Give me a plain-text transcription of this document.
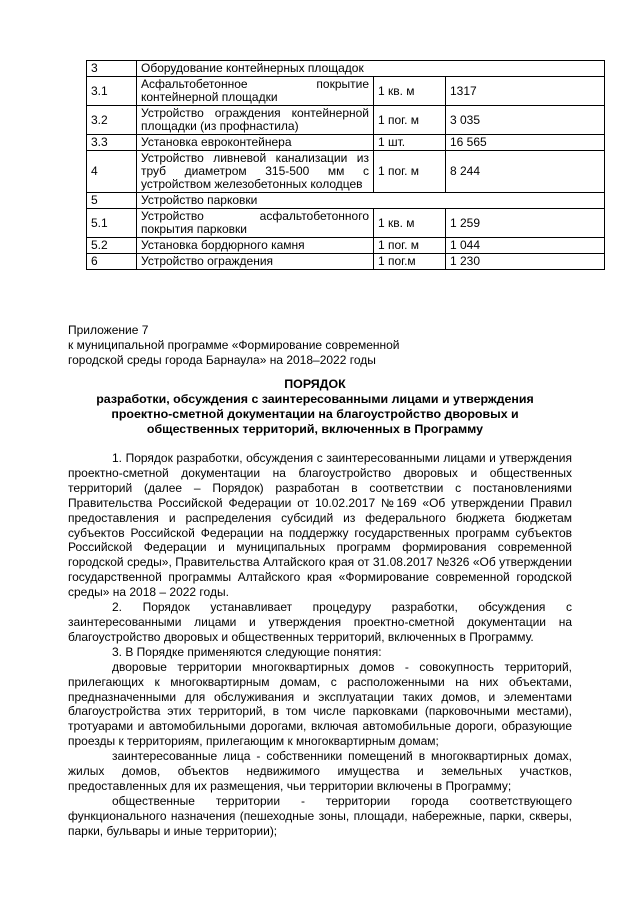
3	Оборудование контейнерных площадок		
3.1	Асфальтобетонное покрытие контейнерной площадки	1 кв. м	1317
3.2	Устройство ограждения контейнерной площадки (из профнастила)	1 пог. м	3 035
3.3	Установка евроконтейнера	1 шт.	16 565
4	Устройство ливневой канализации из труб диаметром 315-500 мм с устройством железобетонных колодцев	1 пог. м	8 244
5	Устройство парковки		
5.1	Устройство асфальтобетонного покрытия парковки	1 кв. м	1 259
5.2	Установка бордюрного камня	1 пог. м	1 044
6	Устройство ограждения	1 пог.м	1 230
Приложение 7
к муниципальной программе «Формирование современной
городской среды города Барнаула» на 2018–2022 годы
ПОРЯДОК
разработки, обсуждения с заинтересованными лицами и утверждения проектно-сметной документации на благоустройство дворовых и общественных территорий, включенных в Программу

1. Порядок разработки, обсуждения с заинтересованными лицами и утверждения проектно-сметной документации на благоустройство дворовых и общественных территорий (далее – Порядок) разработан в соответствии с постановлениями Правительства Российской Федерации от 10.02.2017 №169 «Об утверждении Правил предоставления и распределения субсидий из федерального бюджета бюджетам субъектов Российской Федерации на поддержку государственных программ субъектов Российской Федерации и муниципальных программ формирования современной городской среды», Правительства Алтайского края от 31.08.2017 №326 «Об утверждении государственной программы Алтайского края «Формирование современной городской среды» на 2018 – 2022 годы.

2. Порядок устанавливает процедуру разработки, обсуждения с заинтересованными лицами и утверждения проектно-сметной документации на благоустройство дворовых и общественных территорий, включенных в Программу.

3. В Порядке применяются следующие понятия:

дворовые территории многоквартирных домов - совокупность территорий, прилегающих к многоквартирным домам, с расположенными на них объектами, предназначенными для обслуживания и эксплуатации таких домов, и элементами благоустройства этих территорий, в том числе парковками (парковочными местами), тротуарами и автомобильными дорогами, включая автомобильные дороги, образующие проезды к территориям, прилегающим к многоквартирным домам;

заинтересованные лица - собственники помещений в многоквартирных домах, жилых домов, объектов недвижимого имущества и земельных участков, предоставленных для их размещения, чьи территории включены в Программу;

общественные территории - территории города соответствующего функционального назначения (пешеходные зоны, площади, набережные, парки, скверы, парки, бульвары и иные территории);
